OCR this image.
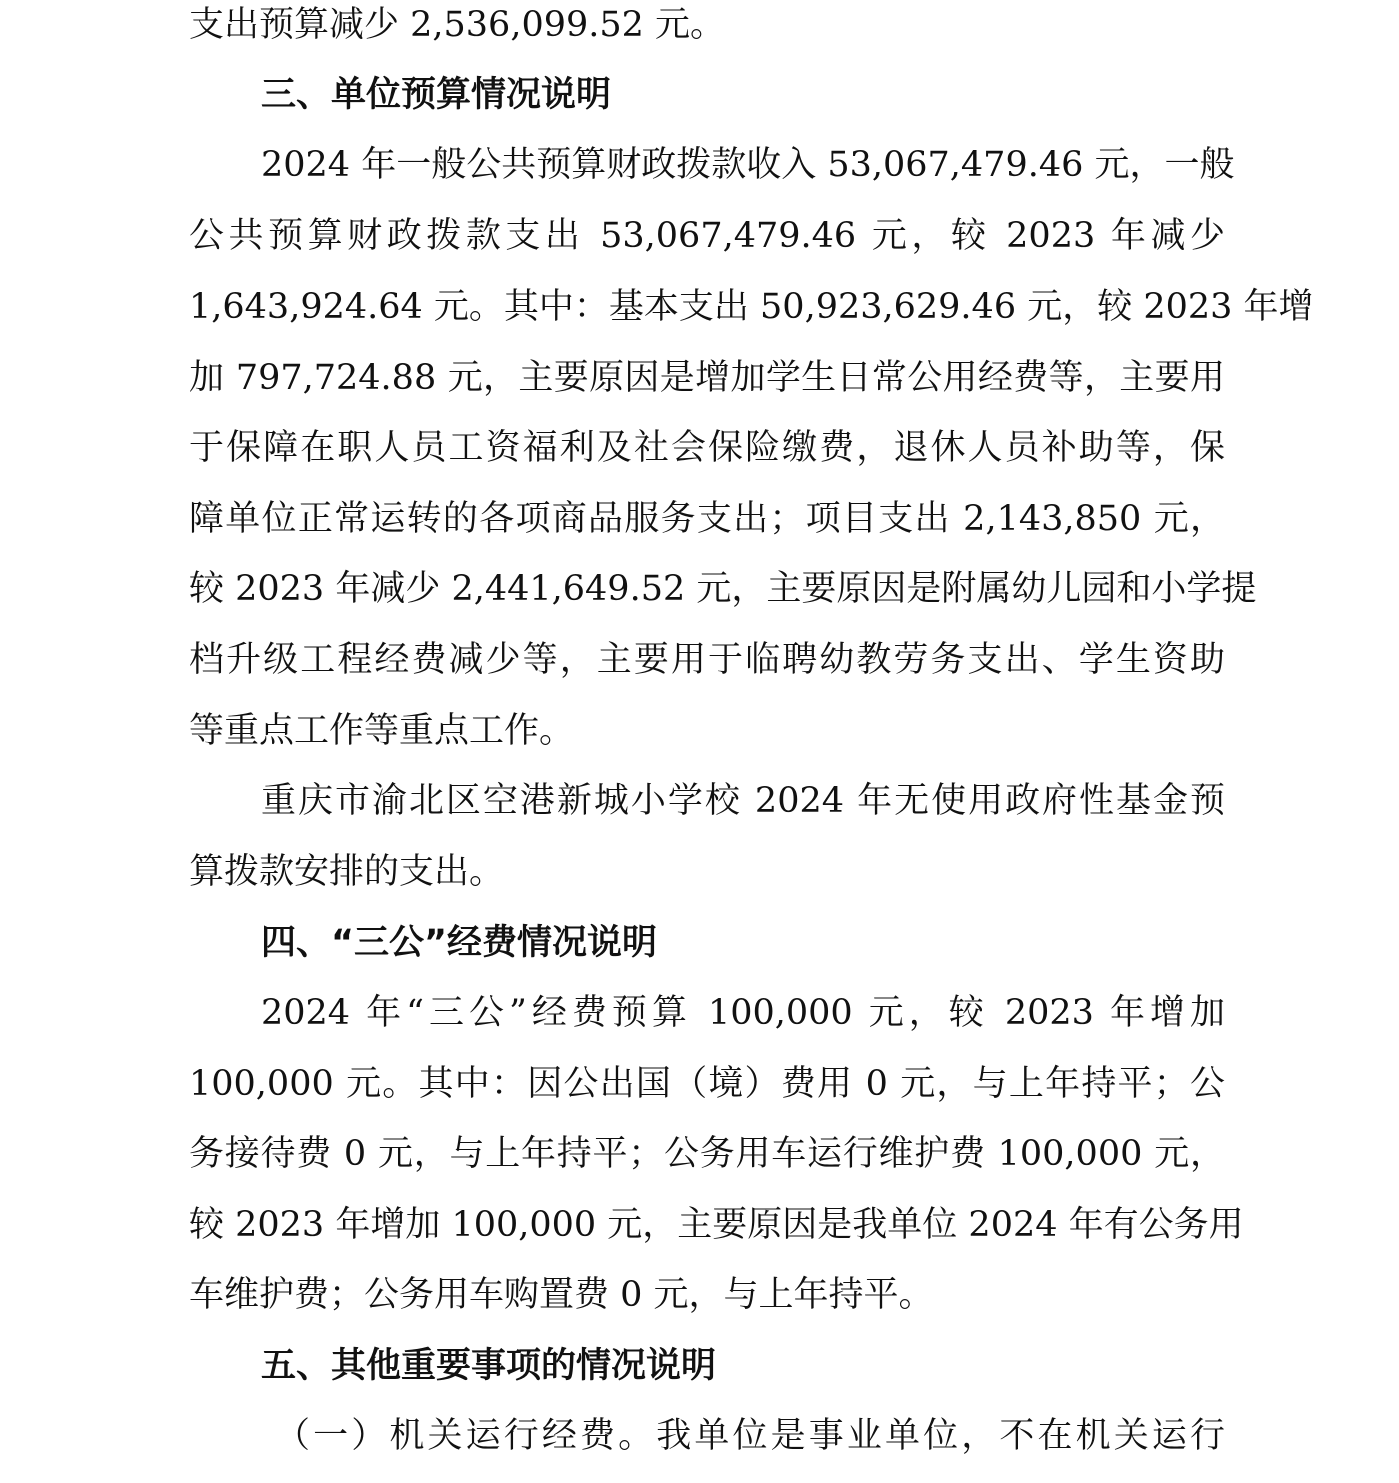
支出预算减少 2,536,099.52 元。
三、单位预算情况说明
2024 年一般公共预算财政拨款收入 53,067,479.46 元，一般
公共预算财政拨款支出 53,067,479.46 元，较 2023 年减少
1,643,924.64 元。其中：基本支出 50,923,629.46 元，较 2023 年增
加 797,724.88 元，主要原因是增加学生日常公用经费等，主要用
于保障在职人员工资福利及社会保险缴费，退休人员补助等，保
障单位正常运转的各项商品服务支出；项目支出 2,143,850 元，
较 2023 年减少 2,441,649.52 元，主要原因是附属幼儿园和小学提
档升级工程经费减少等，主要用于临聘幼教劳务支出、学生资助
等重点工作等重点工作。
重庆市渝北区空港新城小学校 2024 年无使用政府性基金预
算拨款安排的支出。
四、“三公”经费情况说明
2024 年“三公”经费预算 100,000 元，较 2023 年增加
100,000 元。其中：因公出国（境）费用 0 元，与上年持平；公
务接待费 0 元，与上年持平；公务用车运行维护费 100,000 元，
较 2023 年增加 100,000 元，主要原因是我单位 2024 年有公务用
车维护费；公务用车购置费 0 元，与上年持平。
五、其他重要事项的情况说明
（一）机关运行经费。我单位是事业单位，不在机关运行
